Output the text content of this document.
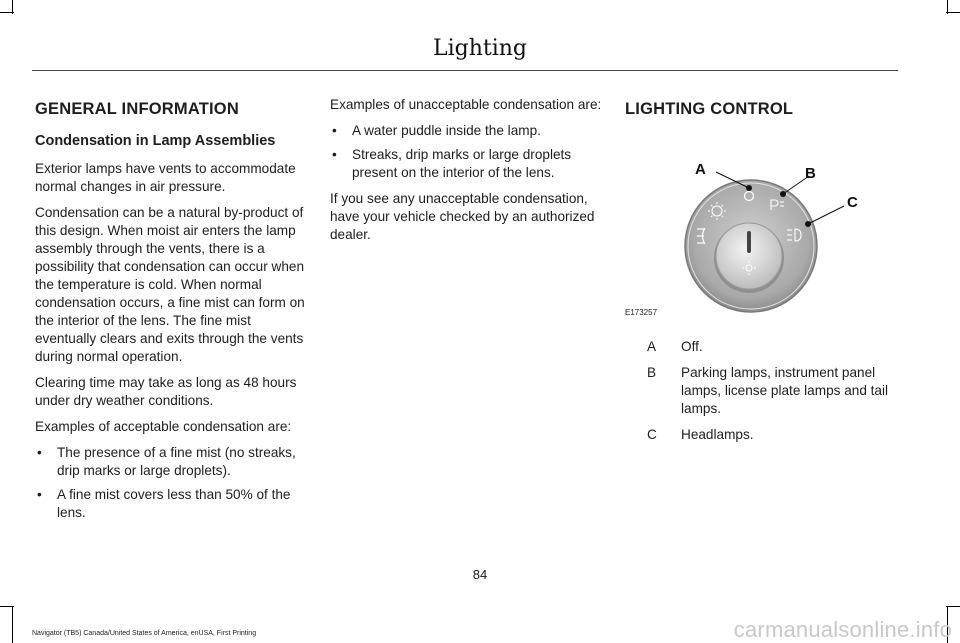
Lighting
GENERAL INFORMATION
Condensation in Lamp Assemblies

Exterior lamps have vents to accommodate normal changes in air pressure.

Condensation can be a natural by-product of this design. When moist air enters the lamp assembly through the vents, there is a possibility that condensation can occur when the temperature is cold. When normal condensation occurs, a fine mist can form on the interior of the lens. The fine mist eventually clears and exits through the vents during normal operation.

Clearing time may take as long as 48 hours under dry weather conditions.

Examples of acceptable condensation are:

• The presence of a fine mist (no streaks, drip marks or large droplets).
• A fine mist covers less than 50% of the lens.

Examples of unacceptable condensation are:

• A water puddle inside the lamp.
• Streaks, drip marks or large droplets present on the interior of the lens.

If you see any unacceptable condensation, have your vehicle checked by an authorized dealer.

LIGHTING CONTROL
A	B
C
E173257
A	Off.
B	Parking lamps, instrument panel lamps, license plate lamps and tail lamps.
C	Headlamps.
84
Navigator (TB5) Canada/United States of America, enUSA, First Printing	carmanualsonline.info
